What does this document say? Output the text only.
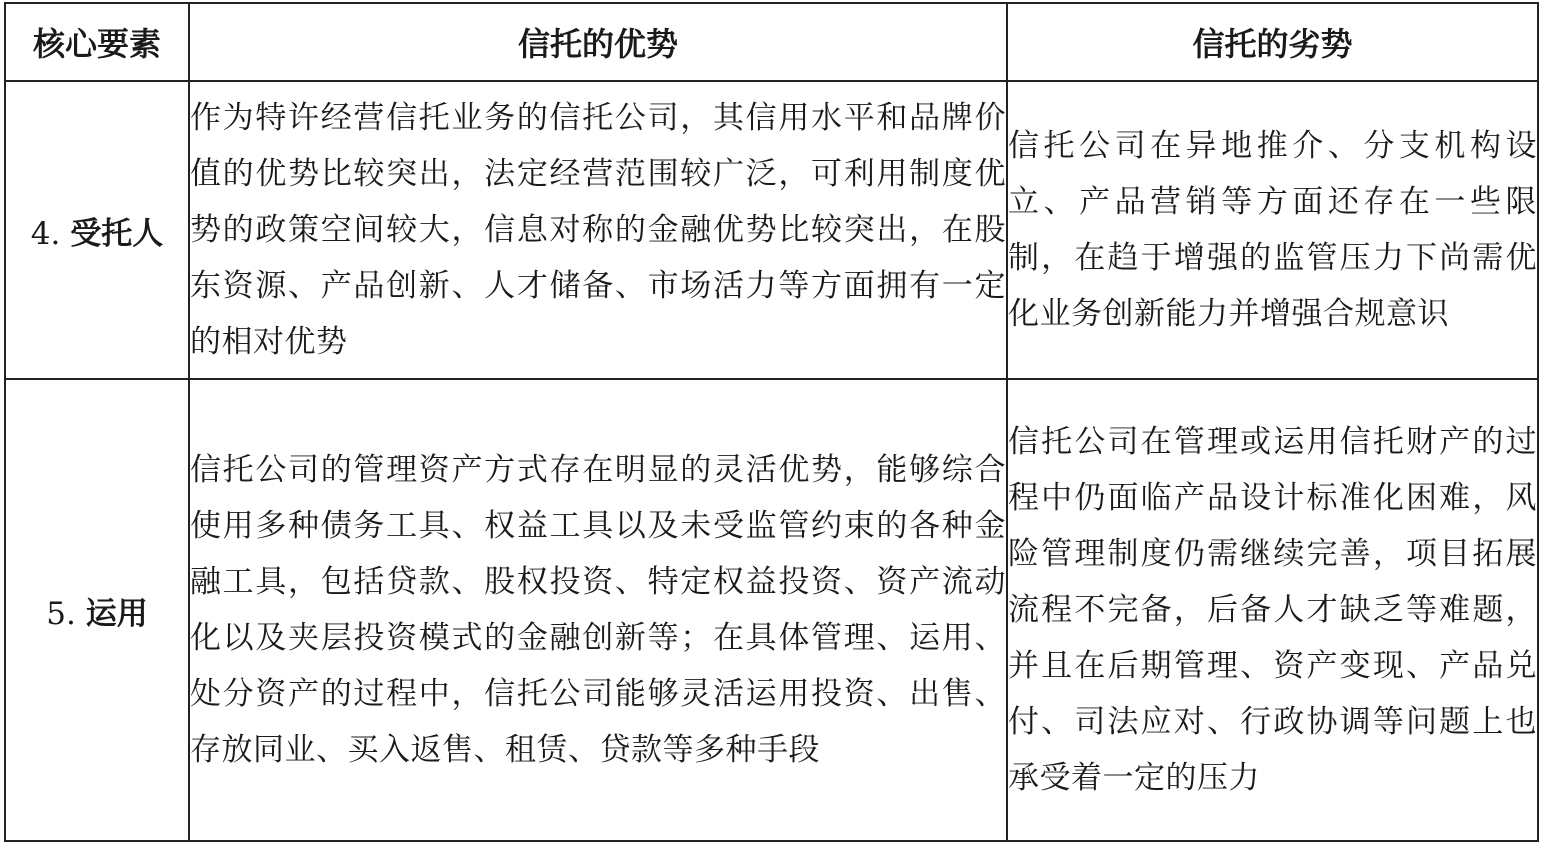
核心要素	信托的优势	信托的劣势
4. 受托人	作为特许经营信托业务的信托公司，其信用水平和品牌价值的优势比较突出，法定经营范围较广泛，可利用制度优势的政策空间较大，信息对称的金融优势比较突出，在股东资源、产品创新、人才储备、市场活力等方面拥有一定的相对优势	信托公司在异地推介、分支机构设立、产品营销等方面还存在一些限制，在趋于增强的监管压力下尚需优化业务创新能力并增强合规意识
5. 运用	信托公司的管理资产方式存在明显的灵活优势，能够综合使用多种债务工具、权益工具以及未受监管约束的各种金融工具，包括贷款、股权投资、特定权益投资、资产流动化以及夹层投资模式的金融创新等；在具体管理、运用、处分资产的过程中，信托公司能够灵活运用投资、出售、存放同业、买入返售、租赁、贷款等多种手段	信托公司在管理或运用信托财产的过程中仍面临产品设计标准化困难，风险管理制度仍需继续完善，项目拓展流程不完备，后备人才缺乏等难题，并且在后期管理、资产变现、产品兑付、司法应对、行政协调等问题上也承受着一定的压力
